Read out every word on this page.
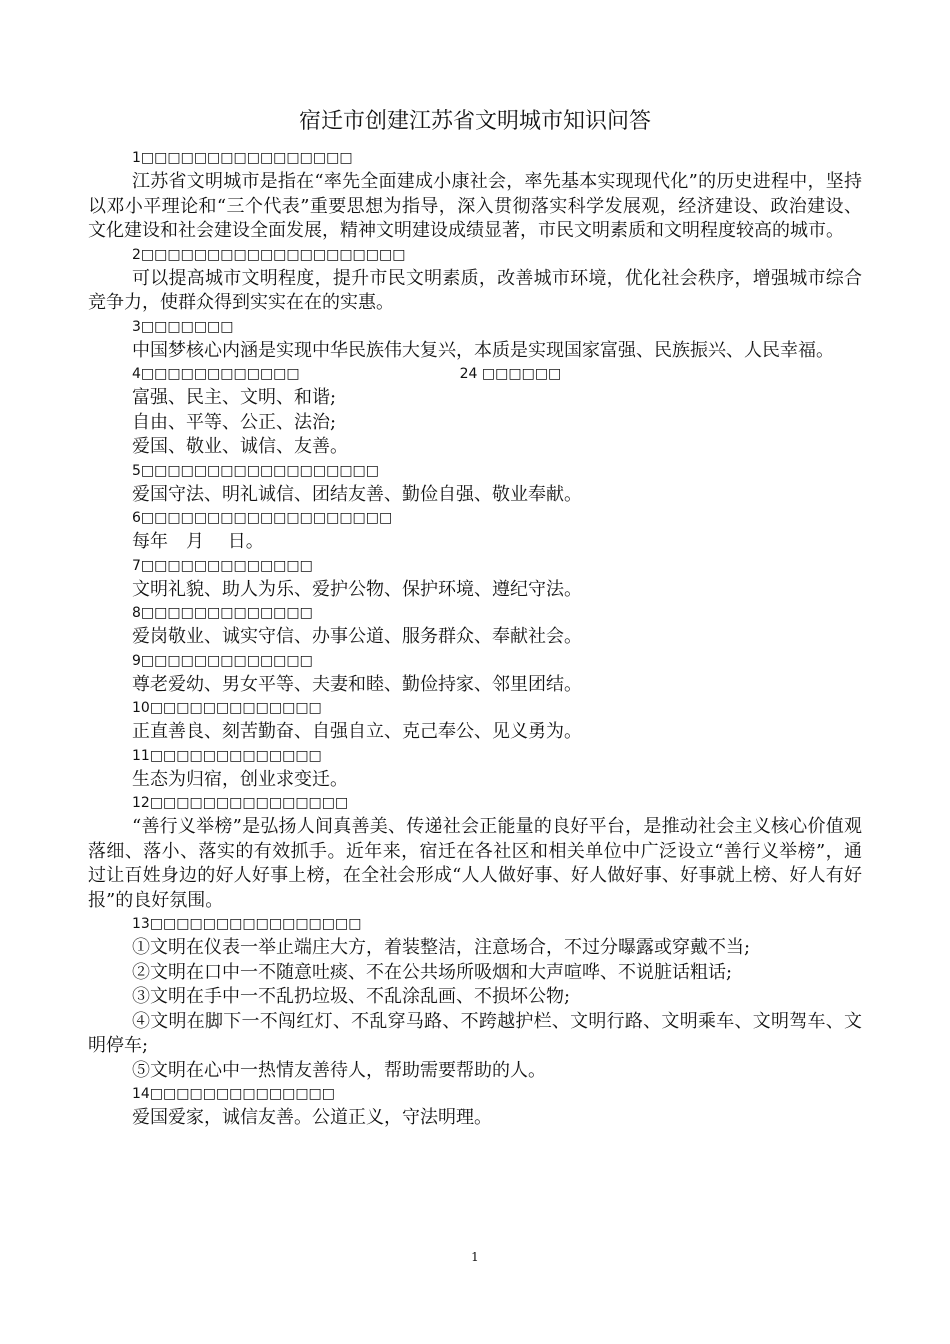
宿迁市创建江苏省文明城市知识问答
1□□□□□□□□□□□□□□□□
江苏省文明城市是指在“率先全面建成小康社会，率先基本实现现代化”的历史进程中，坚持以邓小平理论和“三个代表”重要思想为指导，深入贯彻落实科学发展观，经济建设、政治建设、文化建设和社会建设全面发展，精神文明建设成绩显著，市民文明素质和文明程度较高的城市。
2□□□□□□□□□□□□□□□□□□□□
可以提高城市文明程度，提升市民文明素质，改善城市环境，优化社会秩序，增强城市综合竞争力，使群众得到实实在在的实惠。
3□□□□□□□
中国梦核心内涵是实现中华民族伟大复兴，本质是实现国家富强、民族振兴、人民幸福。
4□□□□□□□□□□□□	24 □□□□□□
富强、民主、文明、和谐;
自由、平等、公正、法治;
爱国、敬业、诚信、友善。
5□□□□□□□□□□□□□□□□□□
爱国守法、明礼诚信、团结友善、勤俭自强、敬业奉献。
6□□□□□□□□□□□□□□□□□□□
每年　月　 日。
7□□□□□□□□□□□□□
文明礼貌、助人为乐、爱护公物、保护环境、遵纪守法。
8□□□□□□□□□□□□□
爱岗敬业、诚实守信、办事公道、服务群众、奉献社会。
9□□□□□□□□□□□□□
尊老爱幼、男女平等、夫妻和睦、勤俭持家、邻里团结。
10□□□□□□□□□□□□□
正直善良、刻苦勤奋、自强自立、克己奉公、见义勇为。
11□□□□□□□□□□□□□
生态为归宿，创业求变迁。
12□□□□□□□□□□□□□□□
“善行义举榜”是弘扬人间真善美、传递社会正能量的良好平台，是推动社会主义核心价值观落细、落小、落实的有效抓手。近年来，宿迁在各社区和相关单位中广泛设立“善行义举榜”，通过让百姓身边的好人好事上榜，在全社会形成“人人做好事、好人做好事、好事就上榜、好人有好报”的良好氛围。
13□□□□□□□□□□□□□□□□
①文明在仪表一举止端庄大方，着装整洁，注意场合，不过分曝露或穿戴不当;
②文明在口中一不随意吐痰、不在公共场所吸烟和大声喧哗、不说脏话粗话;
③文明在手中一不乱扔垃圾、不乱涂乱画、不损坏公物;
④文明在脚下一不闯红灯、不乱穿马路、不跨越护栏、文明行路、文明乘车、文明驾车、文明停车;
⑤文明在心中一热情友善待人，帮助需要帮助的人。
14□□□□□□□□□□□□□□
爱国爱家，诚信友善。公道正义，守法明理。
1
